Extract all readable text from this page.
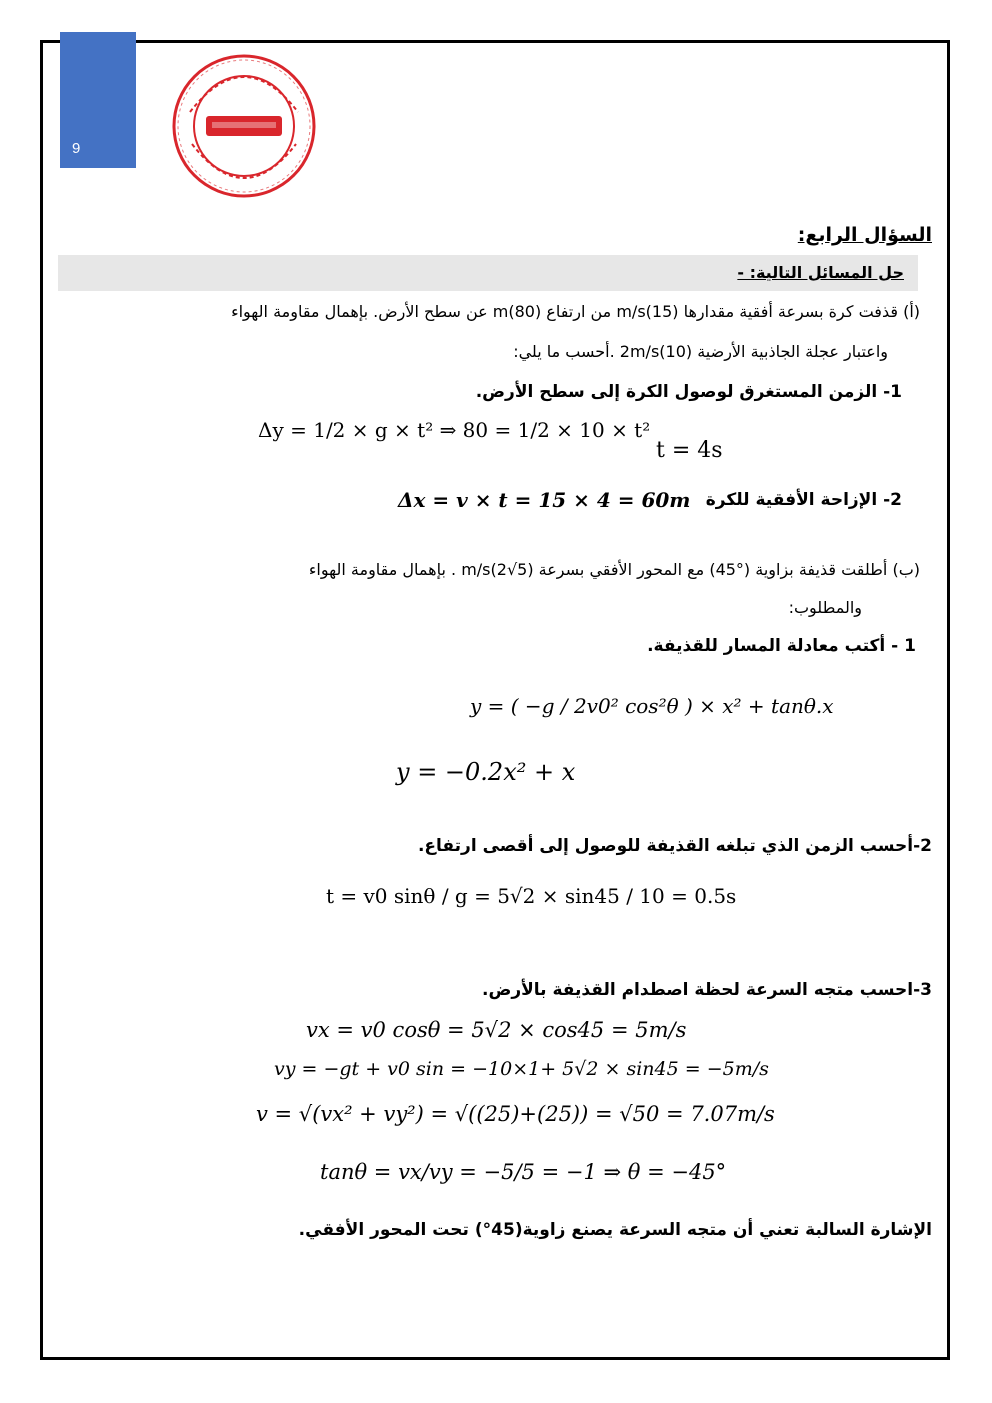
9
السؤال الرابع:
حل المسائل التالية: -
(أ) قذفت كرة بسرعة أفقية مقدارها m/s(15) من ارتفاع m(80) عن سطح الأرض. بإهمال مقاومة الهواء
واعتبار عجلة الجاذبية الأرضية 2m/s(10) .أحسب ما يلي:
1- الزمن المستغرق لوصول الكرة إلى سطح الأرض.
Δy = 1/2 × g × t² ⇒ 80 = 1/2 × 10 × t²
t = 4s
2- الإزاحة الأفقية للكرة
Δx = v × t = 15 × 4 = 60m
(ب) أطلقت قذيفة بزاوية (°45) مع المحور الأفقي بسرعة (5√2)m/s . بإهمال مقاومة الهواء
والمطلوب:
1 - أكتب معادلة المسار للقذيفة.
y = ( −g / 2v0² cos²θ ) × x² + tanθ.x
y = −0.2x² + x
2-أحسب الزمن الذي تبلغه القذيفة للوصول إلى أقصى ارتفاع.
t = v0 sinθ / g = 5√2 × sin45 / 10 = 0.5s
3-احسب متجه السرعة لحظة اصطدام القذيفة بالأرض.
vx = v0 cosθ = 5√2 × cos45 = 5m/s
vy = −gt + v0 sin = −10×1+ 5√2 × sin45 = −5m/s
v = √(vx² + vy²) = √((25)+(25)) = √50 = 7.07m/s
tanθ = vx/vy = −5/5 = −1 ⇒ θ = −45°
الإشارة السالبة تعني أن متجه السرعة يصنع زاوية(45°) تحت المحور الأفقي.
